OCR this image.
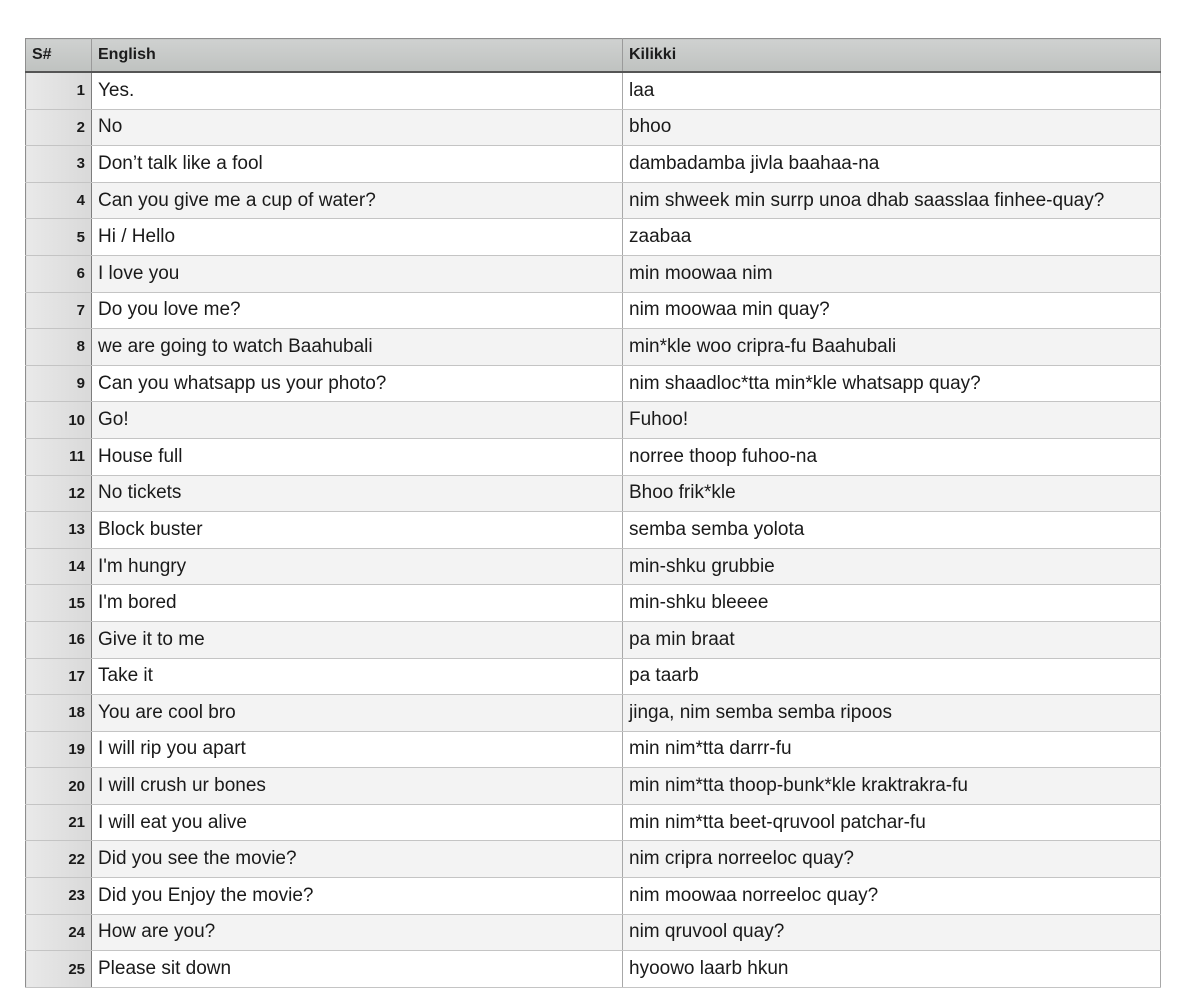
S#	English	Kilikki
1	Yes.	laa
2	No	bhoo
3	Don’t talk like a fool	dambadamba jivla baahaa-na
4	Can you give me a cup of water?	nim shweek min surrp unoa dhab saasslaa finhee-quay?
5	Hi / Hello	zaabaa
6	I love you	min moowaa nim
7	Do you love me?	nim moowaa min quay?
8	we are going to watch Baahubali	min*kle woo cripra-fu Baahubali
9	Can you whatsapp us your photo?	nim shaadloc*tta min*kle whatsapp quay?
10	Go!	Fuhoo!
11	House full	norree thoop fuhoo-na
12	No tickets	Bhoo frik*kle
13	Block buster	semba semba yolota
14	I'm hungry	min-shku grubbie
15	I'm bored	min-shku bleeee
16	Give it to me	pa min braat
17	Take it	pa taarb
18	You are cool bro	jinga, nim semba semba ripoos
19	I will rip you apart	min nim*tta darrr-fu
20	I will crush ur bones	min nim*tta thoop-bunk*kle kraktrakra-fu
21	I will eat you alive	min nim*tta beet-qruvool patchar-fu
22	Did you see the movie?	nim cripra norreeloc quay?
23	Did you Enjoy the movie?	nim moowaa norreeloc quay?
24	How are you?	nim qruvool quay?
25	Please sit down	hyoowo laarb hkun
